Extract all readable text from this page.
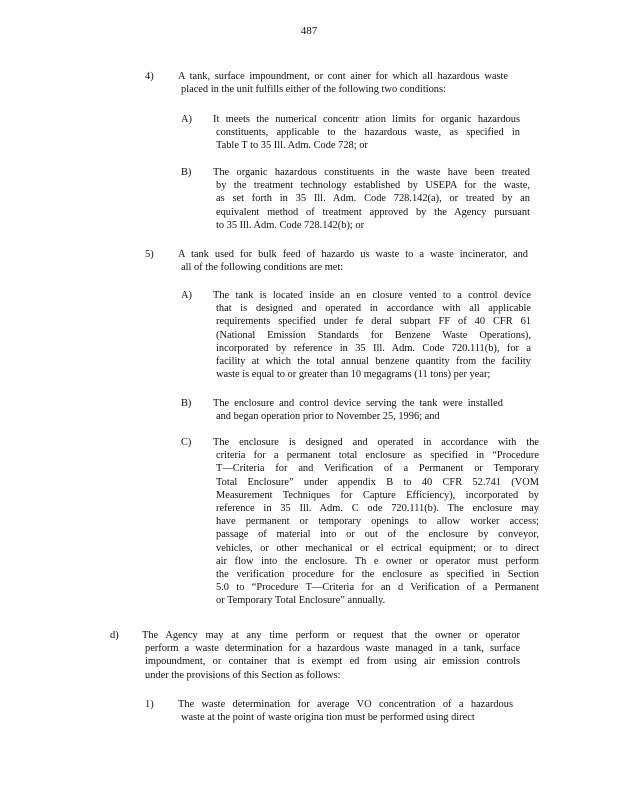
487
4) A tank, surface impoundment, or cont ainer for which all hazardous waste
placed in the unit fulfills either of the following two conditions:
A) It meets the numerical concentr ation limits for organic hazardous
constituents, applicable to the hazardous waste, as specified in
Table T to 35 Ill. Adm. Code 728; or
B) The organic hazardous constituents in the waste have been treated
by the treatment technology established by USEPA for the waste,
as set forth in 35 Ill. Adm. Code 728.142(a), or treated by an
equivalent method of treatment approved by the Agency pursuant
to 35 Ill. Adm. Code 728.142(b); or
5) A tank used for bulk feed of hazardo us waste to a waste incinerator, and
all of the following conditions are met:
A) The tank is located inside an en closure vented to a control device
that is designed and operated in accordance with all applicable
requirements specified under fe deral subpart FF of 40 CFR 61
(National Emission Standards for Benzene Waste Operations),
incorporated by reference in 35 Ill. Adm. Code 720.111(b), for a
facility at which the total annual benzene quantity from the facility
waste is equal to or greater than 10 megagrams (11 tons) per year;
B) The enclosure and control device serving the tank were installed
and began operation prior to November 25, 1996; and
C) The enclosure is designed and operated in accordance with the
criteria for a permanent total enclosure as specified in “Procedure
T—Criteria for and Verification of a Permanent or Temporary
Total Enclosure” under appendix B to 40 CFR 52.741 (VOM
Measurement Techniques for Capture Efficiency), incorporated by
reference in 35 Ill. Adm. C ode 720.111(b). The enclosure may
have permanent or temporary openings to allow worker access;
passage of material into or out of the enclosure by conveyor,
vehicles, or other mechanical or el ectrical equipment; or to direct
air flow into the enclosure. Th e owner or operator must perform
the verification procedure for the enclosure as specified in Section
5.0 to “Procedure T—Criteria for an d Verification of a Permanent
or Temporary Total Enclosure” annually.
d) The Agency may at any time perform or request that the owner or operator
perform a waste determination for a hazardous waste managed in a tank, surface
impoundment, or container that is exempt ed from using air emission controls
under the provisions of this Section as follows:
1) The waste determination for average VO concentration of a hazardous
waste at the point of waste origina tion must be performed using direct
